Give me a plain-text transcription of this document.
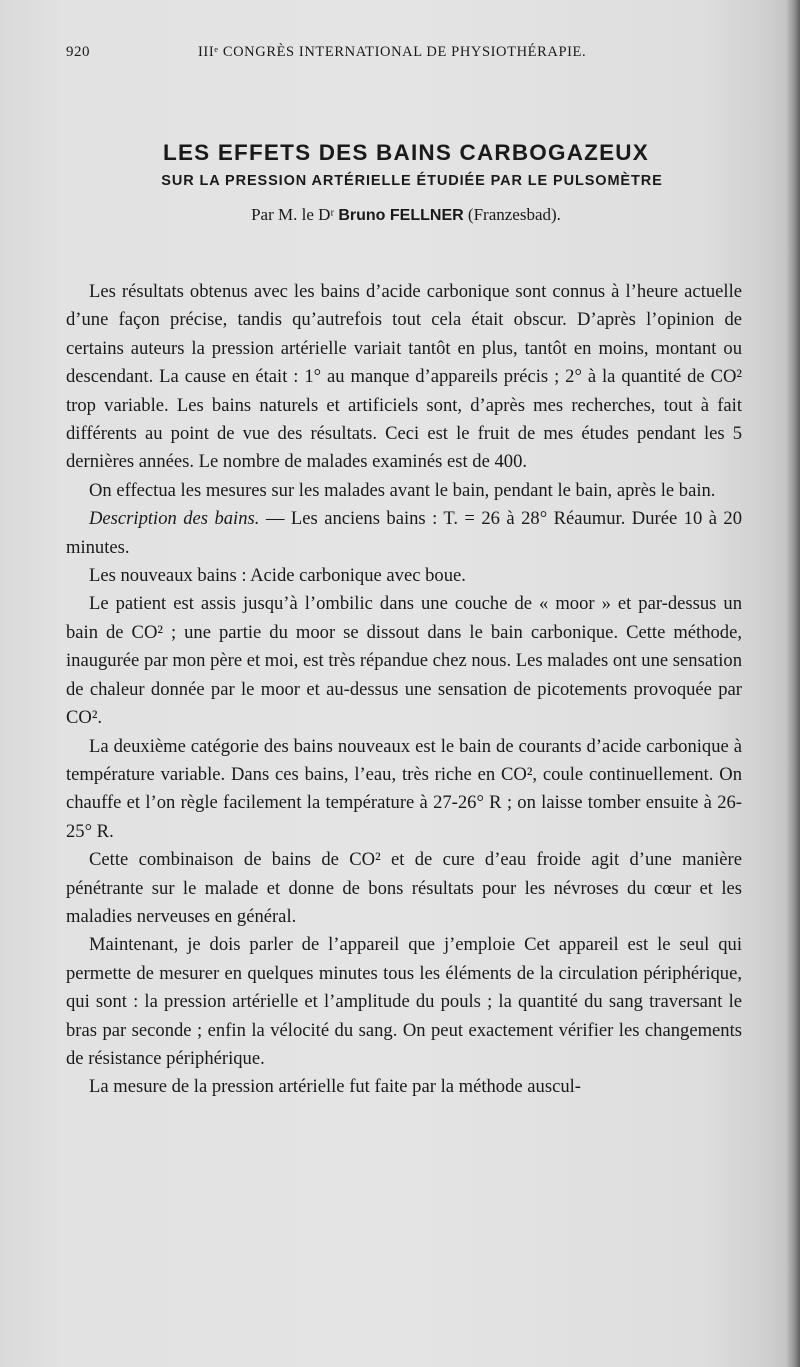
920	IIIᵉ CONGRÈS INTERNATIONAL DE PHYSIOTHÉRAPIE.
LES EFFETS DES BAINS CARBOGAZEUX
SUR LA PRESSION ARTÉRIELLE ÉTUDIÉE PAR LE PULSOMÈTRE
Par M. le Dʳ Bruno FELLNER (Franzesbad).

Les résultats obtenus avec les bains d’acide carbonique sont connus à l’heure actuelle d’une façon précise, tandis qu’autrefois tout cela était obscur. D’après l’opinion de certains auteurs la pression artérielle variait tantôt en plus, tantôt en moins, montant ou descendant. La cause en était : 1° au manque d’appareils précis ; 2° à la quantité de CO² trop variable. Les bains naturels et artificiels sont, d’après mes recherches, tout à fait différents au point de vue des résultats. Ceci est le fruit de mes études pendant les 5 dernières années. Le nombre de malades examinés est de 400.

On effectua les mesures sur les malades avant le bain, pendant le bain, après le bain.

Description des bains. — Les anciens bains : T. = 26 à 28° Réaumur. Durée 10 à 20 minutes.

Les nouveaux bains : Acide carbonique avec boue.

Le patient est assis jusqu’à l’ombilic dans une couche de « moor » et par-dessus un bain de CO² ; une partie du moor se dissout dans le bain carbonique. Cette méthode, inaugurée par mon père et moi, est très répandue chez nous. Les malades ont une sensation de chaleur donnée par le moor et au-dessus une sensation de picotements provoquée par CO².

La deuxième catégorie des bains nouveaux est le bain de courants d’acide carbonique à température variable. Dans ces bains, l’eau, très riche en CO², coule continuellement. On chauffe et l’on règle facilement la température à 27-26° R ; on laisse tomber ensuite à 26-25° R.

Cette combinaison de bains de CO² et de cure d’eau froide agit d’une manière pénétrante sur le malade et donne de bons résultats pour les névroses du cœur et les maladies nerveuses en général.

Maintenant, je dois parler de l’appareil que j’emploie Cet appareil est le seul qui permette de mesurer en quelques minutes tous les éléments de la circulation périphérique, qui sont : la pression artérielle et l’amplitude du pouls ; la quantité du sang traversant le bras par seconde ; enfin la vélocité du sang. On peut exactement vérifier les changements de résistance périphérique.

La mesure de la pression artérielle fut faite par la méthode auscul-
